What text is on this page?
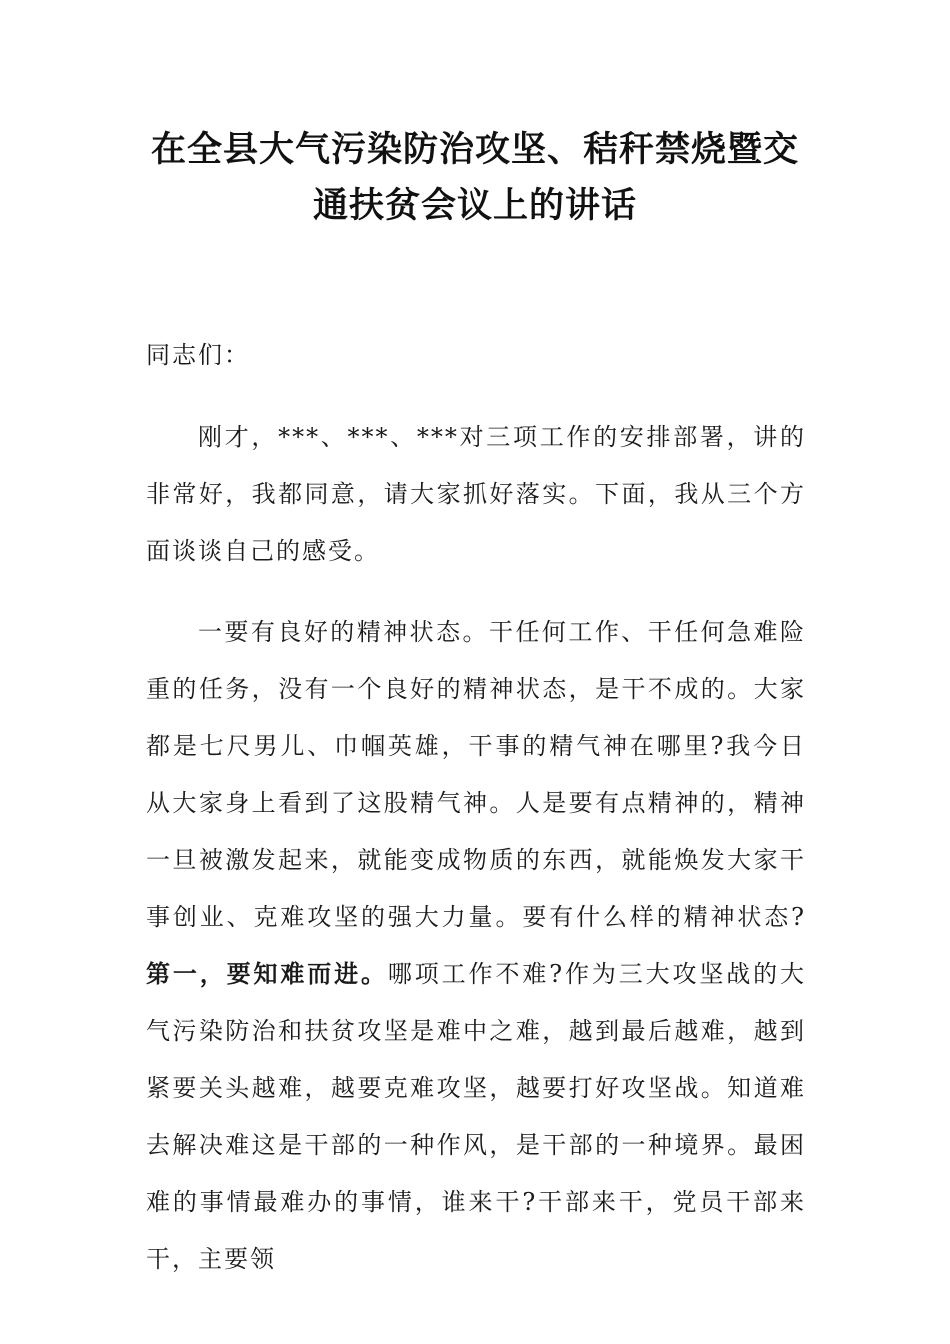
在全县大气污染防治攻坚、秸秆禁烧暨交
通扶贫会议上的讲话

同志们：

刚才，***、***、***对三项工作的安排部署，讲的非常好，我都同意，请大家抓好落实。下面，我从三个方面谈谈自己的感受。

一要有良好的精神状态。干任何工作、干任何急难险重的任务，没有一个良好的精神状态，是干不成的。大家都是七尺男儿、巾帼英雄，干事的精气神在哪里?我今日从大家身上看到了这股精气神。人是要有点精神的，精神一旦被激发起来，就能变成物质的东西，就能焕发大家干事创业、克难攻坚的强大力量。要有什么样的精神状态?第一，要知难而进。哪项工作不难?作为三大攻坚战的大气污染防治和扶贫攻坚是难中之难，越到最后越难，越到紧要关头越难，越要克难攻坚，越要打好攻坚战。知道难去解决难这是干部的一种作风，是干部的一种境界。最困难的事情最难办的事情，谁来干?干部来干，党员干部来干，主要领
